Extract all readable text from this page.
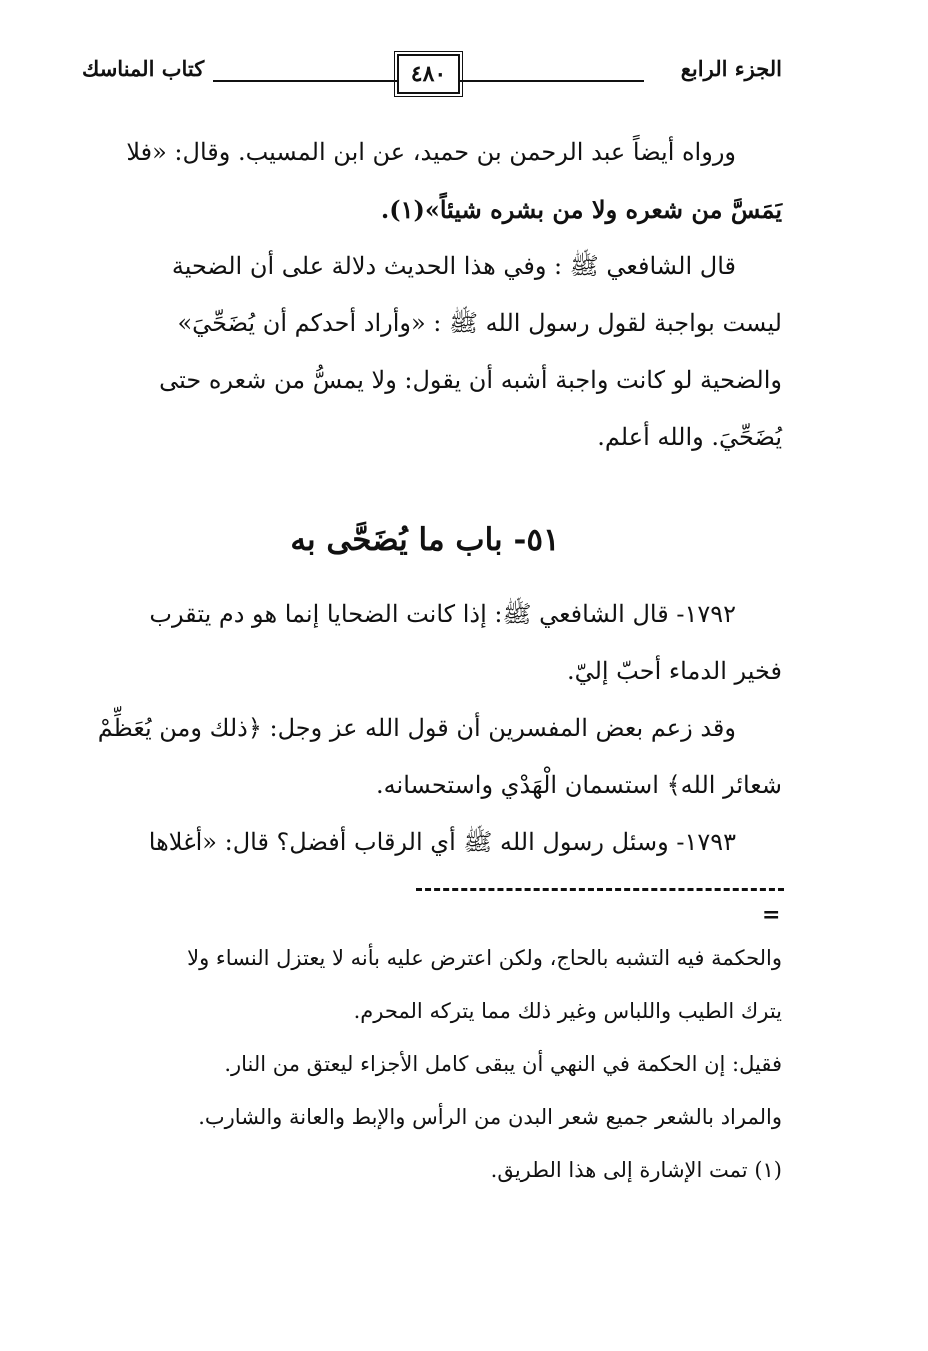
الجزء الرابع
٤٨٠
كتاب المناسك

ورواه أيضاً عبد الرحمن بن حميد، عن ابن المسيب. وقال: «فلا

يَمَسَّ من شعره ولا من بشره شيئاً»(١).

قال الشافعي ﷺ : وفي هذا الحديث دلالة على أن الضحية

ليست بواجبة لقول رسول الله ﷺ : «وأراد أحدكم أن يُضَحِّيَ»

والضحية لو كانت واجبة أشبه أن يقول: ولا يمسُّ من شعره حتى

يُضَحِّيَ. والله أعلم.

٥١- باب ما يُضَحَّى به

١٧٩٢- قال الشافعي ﷺ: إذا كانت الضحايا إنما هو دم يتقرب

فخير الدماء أحبّ إليّ.

وقد زعم بعض المفسرين أن قول الله عز وجل: ﴿ذلك ومن يُعَظِّمْ

شعائر الله﴾ استسمان الْهَدْي واستحسانه.

١٧٩٣- وسئل رسول الله ﷺ أي الرقاب أفضل؟ قال: «أغلاها

=

والحكمة فيه التشبه بالحاج، ولكن اعترض عليه بأنه لا يعتزل النساء ولا

يترك الطيب واللباس وغير ذلك مما يتركه المحرم.

فقيل: إن الحكمة في النهي أن يبقى كامل الأجزاء ليعتق من النار.

والمراد بالشعر جميع شعر البدن من الرأس والإبط والعانة والشارب.

(١) تمت الإشارة إلى هذا الطريق.
